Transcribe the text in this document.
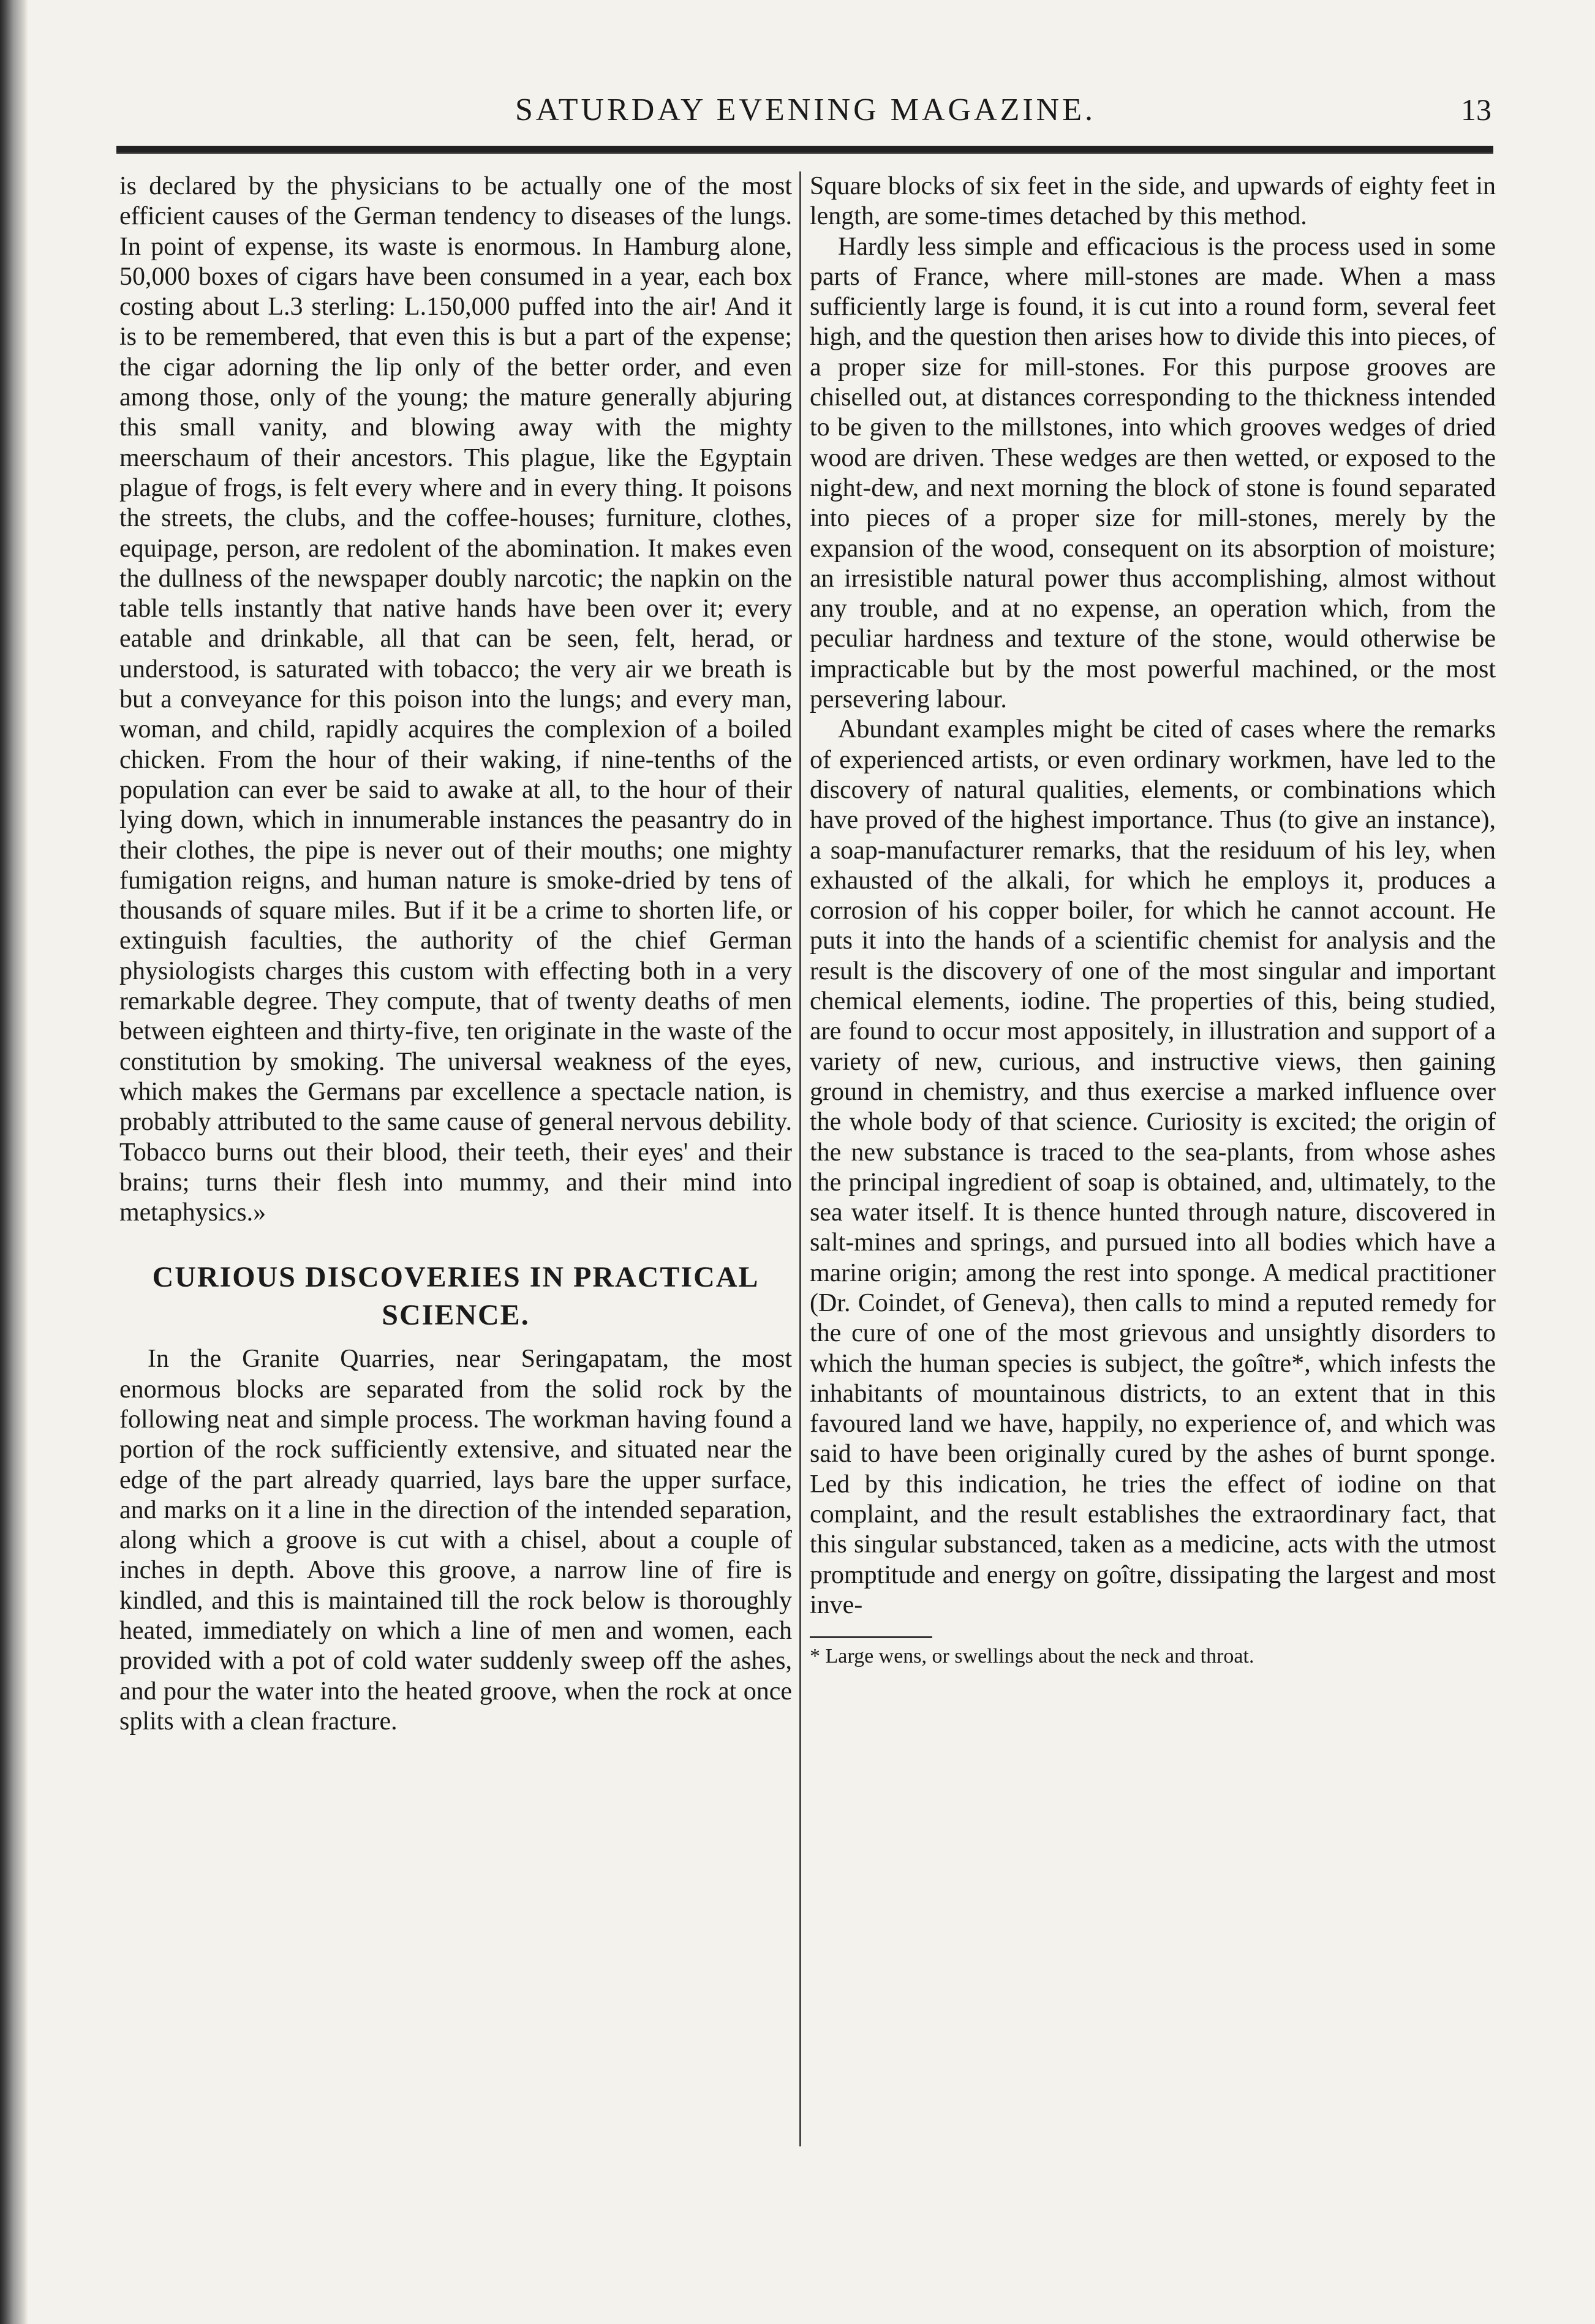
SATURDAY EVENING MAGAZINE.	13

is declared by the physicians to be actually one of the most efficient causes of the German tendency to diseases of the lungs. In point of expense, its waste is enormous. In Hamburg alone, 50,000 boxes of cigars have been consumed in a year, each box costing about L.3 sterling: L.150,000 puffed into the air! And it is to be remembered, that even this is but a part of the expense; the cigar adorning the lip only of the better order, and even among those, only of the young; the mature generally abjuring this small vanity, and blowing away with the mighty meerschaum of their ancestors. This plague, like the Egyptain plague of frogs, is felt every where and in every thing. It poisons the streets, the clubs, and the coffee-houses; furniture, clothes, equipage, person, are redolent of the abomination. It makes even the dullness of the newspaper doubly narcotic; the napkin on the table tells instantly that native hands have been over it; every eatable and drinkable, all that can be seen, felt, herad, or understood, is saturated with tobacco; the very air we breath is but a conveyance for this poison into the lungs; and every man, woman, and child, rapidly acquires the complexion of a boiled chicken. From the hour of their waking, if nine-tenths of the population can ever be said to awake at all, to the hour of their lying down, which in innumerable instances the peasantry do in their clothes, the pipe is never out of their mouths; one mighty fumigation reigns, and human nature is smoke-dried by tens of thousands of square miles. But if it be a crime to shorten life, or extinguish faculties, the authority of the chief German physiologists charges this custom with effecting both in a very remarkable degree. They compute, that of twenty deaths of men between eighteen and thirty-five, ten originate in the waste of the constitution by smoking. The universal weakness of the eyes, which makes the Germans par excellence a spectacle nation, is probably attributed to the same cause of general nervous debility. Tobacco burns out their blood, their teeth, their eyes' and their brains; turns their flesh into mummy, and their mind into metaphysics.»

CURIOUS DISCOVERIES IN PRACTICAL SCIENCE.

In the Granite Quarries, near Seringapatam, the most enormous blocks are separated from the solid rock by the following neat and simple process. The workman having found a portion of the rock sufficiently extensive, and situated near the edge of the part already quarried, lays bare the upper surface, and marks on it a line in the direction of the intended separation, along which a groove is cut with a chisel, about a couple of inches in depth. Above this groove, a narrow line of fire is kindled, and this is maintained till the rock below is thoroughly heated, immediately on which a line of men and women, each provided with a pot of cold water suddenly sweep off the ashes, and pour the water into the heated groove, when the rock at once splits with a clean fracture.

Square blocks of six feet in the side, and upwards of eighty feet in length, are some-times detached by this method.

Hardly less simple and efficacious is the process used in some parts of France, where mill-stones are made. When a mass sufficiently large is found, it is cut into a round form, several feet high, and the question then arises how to divide this into pieces, of a proper size for mill-stones. For this purpose grooves are chiselled out, at distances corresponding to the thickness intended to be given to the millstones, into which grooves wedges of dried wood are driven. These wedges are then wetted, or exposed to the night-dew, and next morning the block of stone is found separated into pieces of a proper size for mill-stones, merely by the expansion of the wood, consequent on its absorption of moisture; an irresistible natural power thus accomplishing, almost without any trouble, and at no expense, an operation which, from the peculiar hardness and texture of the stone, would otherwise be impracticable but by the most powerful machined, or the most persevering labour.

Abundant examples might be cited of cases where the remarks of experienced artists, or even ordinary workmen, have led to the discovery of natural qualities, elements, or combinations which have proved of the highest importance. Thus (to give an instance), a soap-manufacturer remarks, that the residuum of his ley, when exhausted of the alkali, for which he employs it, produces a corrosion of his copper boiler, for which he cannot account. He puts it into the hands of a scientific chemist for analysis and the result is the discovery of one of the most singular and important chemical elements, iodine. The properties of this, being studied, are found to occur most appositely, in illustration and support of a variety of new, curious, and instructive views, then gaining ground in chemistry, and thus exercise a marked influence over the whole body of that science. Curiosity is excited; the origin of the new substance is traced to the sea-plants, from whose ashes the principal ingredient of soap is obtained, and, ultimately, to the sea water itself. It is thence hunted through nature, discovered in salt-mines and springs, and pursued into all bodies which have a marine origin; among the rest into sponge. A medical practitioner (Dr. Coindet, of Geneva), then calls to mind a reputed remedy for the cure of one of the most grievous and unsightly disorders to which the human species is subject, the goître*, which infests the inhabitants of mountainous districts, to an extent that in this favoured land we have, happily, no experience of, and which was said to have been originally cured by the ashes of burnt sponge. Led by this indication, he tries the effect of iodine on that complaint, and the result establishes the extraordinary fact, that this singular substanced, taken as a medicine, acts with the utmost promptitude and energy on goître, dissipating the largest and most inve-

* Large wens, or swellings about the neck and throat.
